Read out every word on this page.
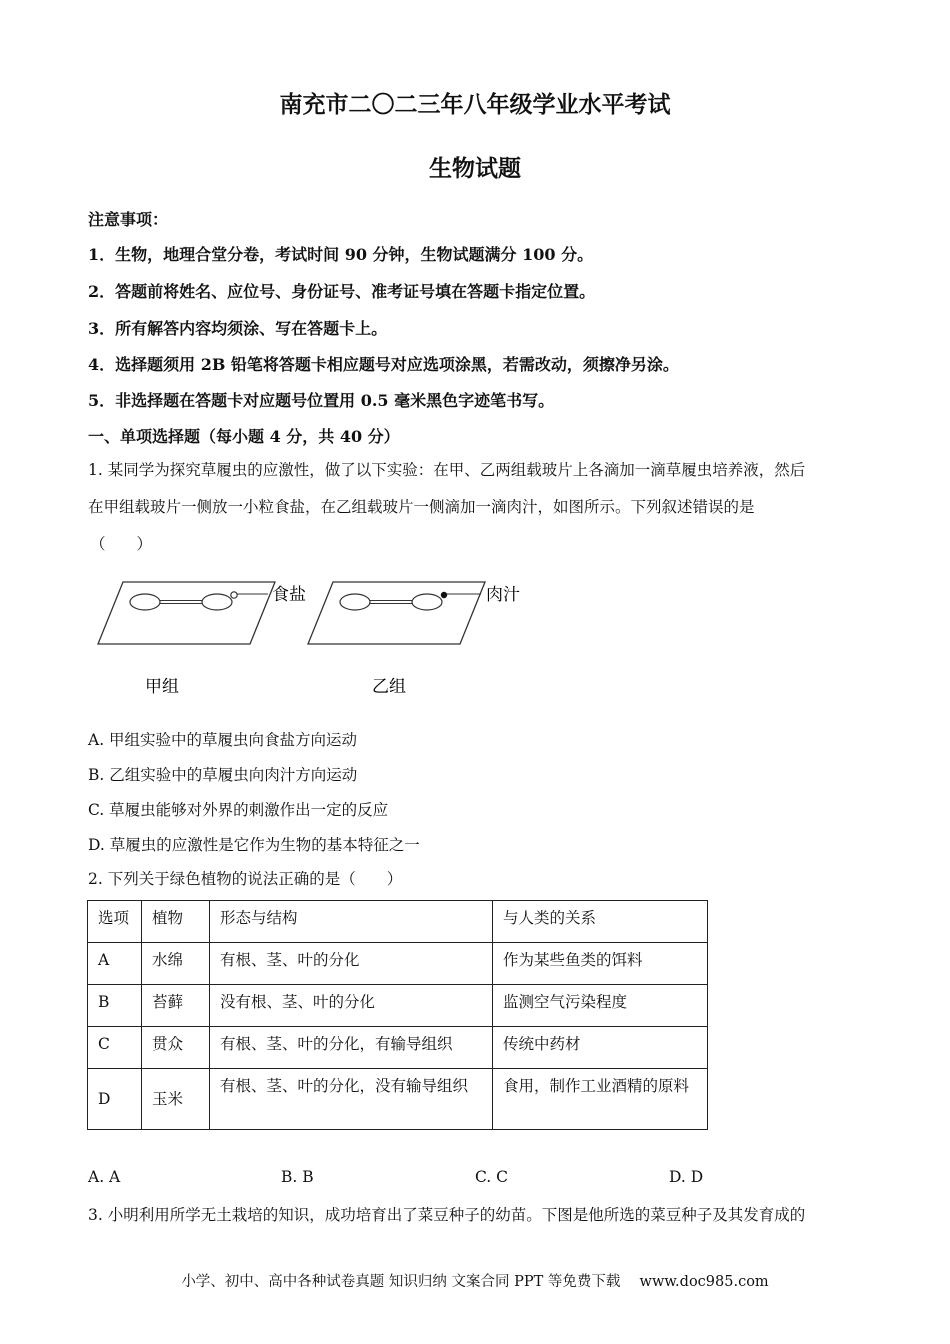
南充市二〇二三年八年级学业水平考试
生物试题
注意事项：
1．生物，地理合堂分卷，考试时间 90 分钟，生物试题满分 100 分。
2．答题前将姓名、应位号、身份证号、准考证号填在答题卡指定位置。
3．所有解答内容均须涂、写在答题卡上。
4．选择题须用 2B 铅笔将答题卡相应题号对应选项涂黑，若需改动，须擦净另涂。
5．非选择题在答题卡对应题号位置用 0.5 毫米黑色字迹笔书写。
一、单项选择题（每小题 4 分，共 40 分）
1. 某同学为探究草履虫的应激性，做了以下实验：在甲、乙两组载玻片上各滴加一滴草履虫培养液，然后
在甲组载玻片一侧放一小粒食盐，在乙组载玻片一侧滴加一滴肉汁，如图所示。下列叙述错误的是
（　　）
食盐	肉汁
甲组	乙组
A. 甲组实验中的草履虫向食盐方向运动
B. 乙组实验中的草履虫向肉汁方向运动
C. 草履虫能够对外界的刺激作出一定的反应
D. 草履虫的应激性是它作为生物的基本特征之一
2. 下列关于绿色植物的说法正确的是（　　）
选项	植物	形态与结构	与人类的关系
A	水绵	有根、茎、叶的分化	作为某些鱼类的饵料
B	苔藓	没有根、茎、叶的分化	监测空气污染程度
C	贯众	有根、茎、叶的分化，有输导组织	传统中药材
D	玉米	有根、茎、叶的分化，没有输导组织	食用，制作工业酒精的原料
A. A	B. B	C. C	D. D
3. 小明利用所学无土栽培的知识，成功培育出了菜豆种子的幼苗。下图是他所选的菜豆种子及其发育成的
小学、初中、高中各种试卷真题 知识归纳 文案合同 PPT 等免费下载　 www.doc985.com
